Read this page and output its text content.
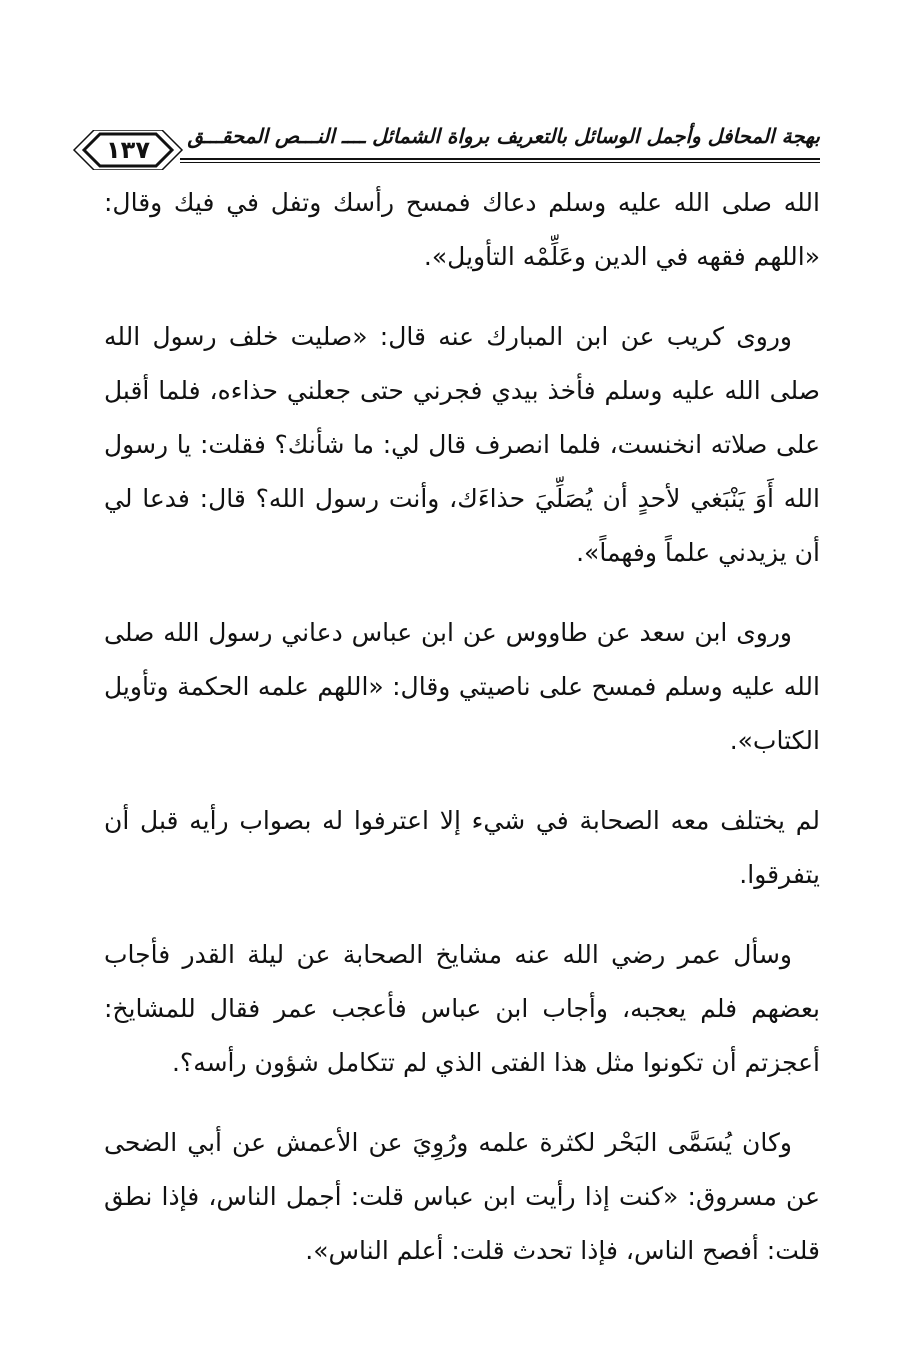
١٣٧	بهجة المحافل وأجمل الوسائل بالتعريف برواة الشمائل ــــ النـــص المحقـــق

الله صلى الله عليه وسلم دعاك فمسح رأسك وتفل في فيك وقال: «اللهم فقهه في الدين وعَلِّمْه التأويل».

وروى كريب عن ابن المبارك عنه قال: «صليت خلف رسول الله صلى الله عليه وسلم فأخذ بيدي فجرني حتى جعلني حذاءه، فلما أقبل على صلاته انخنست، فلما انصرف قال لي: ما شأنك؟ فقلت: يا رسول الله أَوَ يَنْبَغي لأحدٍ أن يُصَلِّيَ حذاءَك، وأنت رسول الله؟ قال: فدعا لي أن يزيدني علماً وفهماً».

وروى ابن سعد عن طاووس عن ابن عباس دعاني رسول الله صلى الله عليه وسلم فمسح على ناصيتي وقال: «اللهم علمه الحكمة وتأويل الكتاب».

لم يختلف معه الصحابة في شيء إلا اعترفوا له بصواب رأيه قبل أن يتفرقوا.

وسأل عمر رضي الله عنه مشايخ الصحابة عن ليلة القدر فأجاب بعضهم فلم يعجبه، وأجاب ابن عباس فأعجب عمر فقال للمشايخ: أعجزتم أن تكونوا مثل هذا الفتى الذي لم تتكامل شؤون رأسه؟.

وكان يُسَمَّى البَحْر لكثرة علمه ورُوِيَ عن الأعمش عن أبي الضحى عن مسروق: «كنت إذا رأيت ابن عباس قلت: أجمل الناس، فإذا نطق قلت: أفصح الناس، فإذا تحدث قلت: أعلم الناس».
